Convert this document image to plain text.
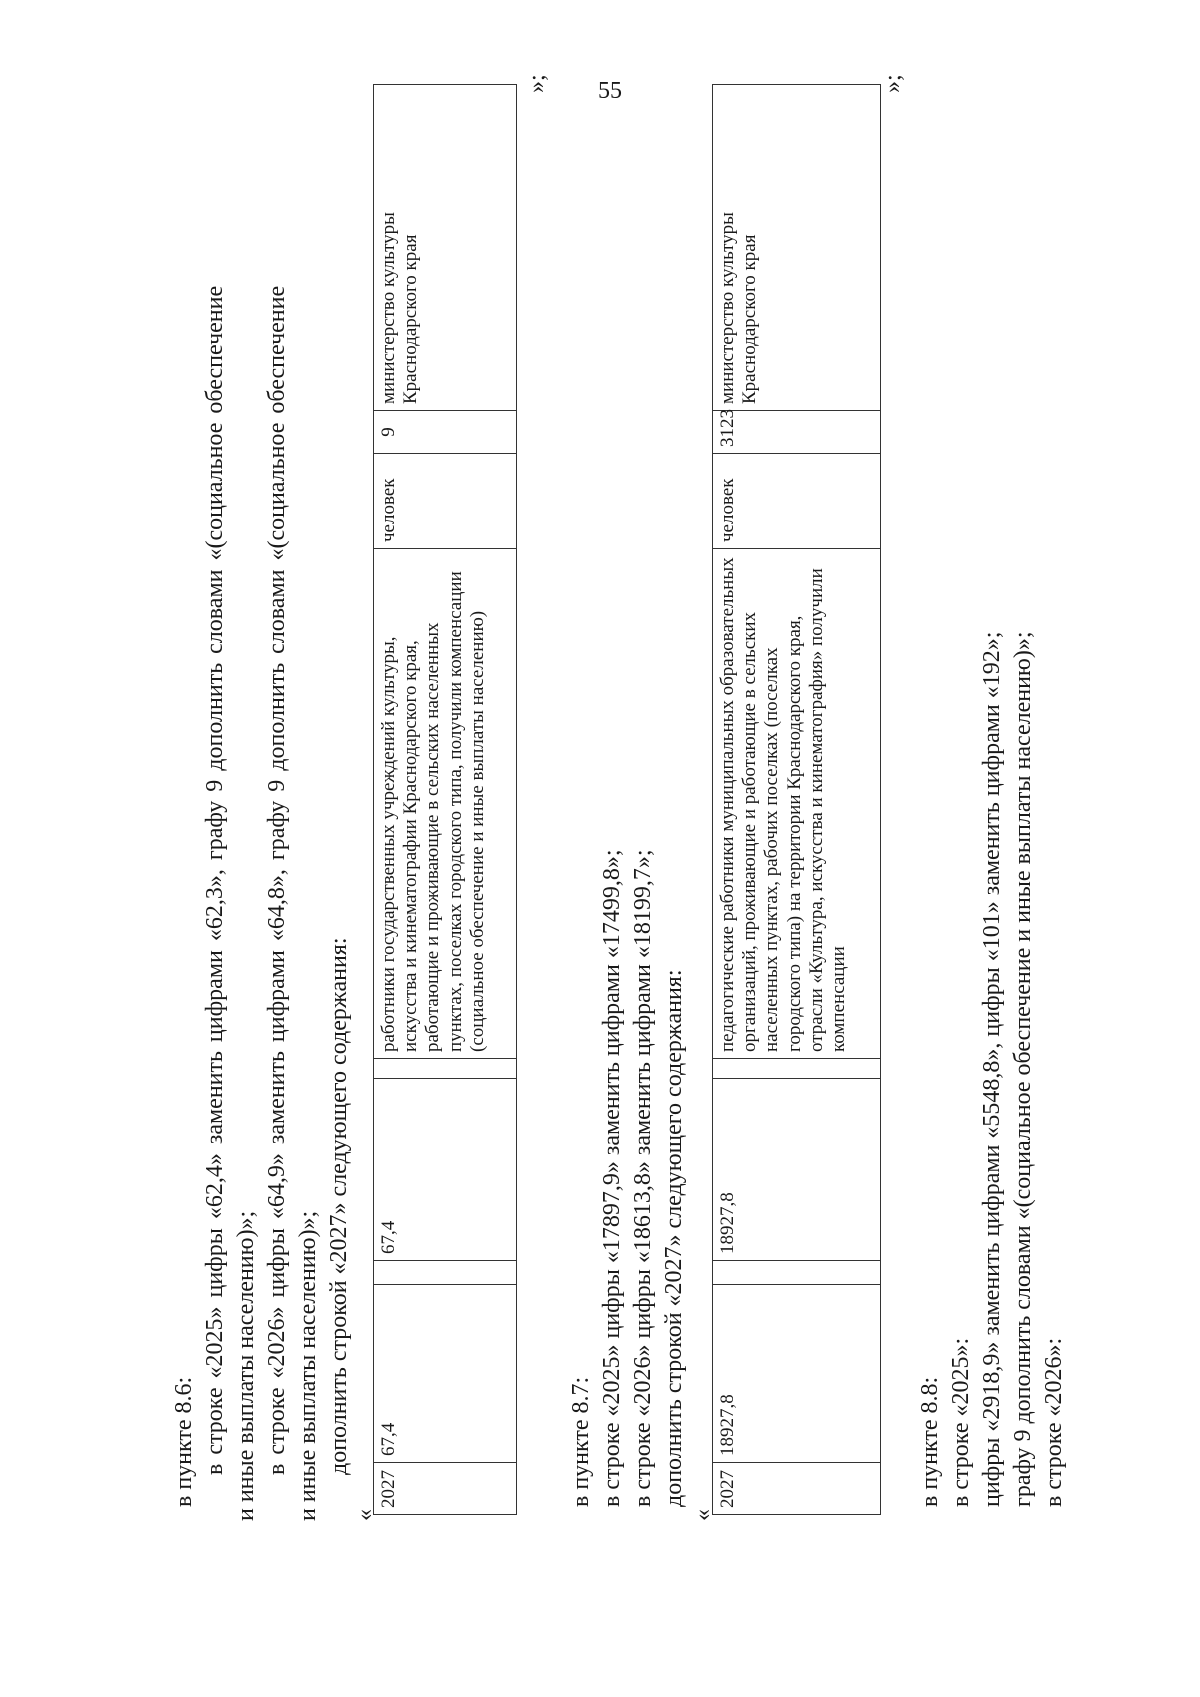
55
в пункте 8.6: в строке «2025» цифры «62,4» заменить цифрами «62,3», графу 9 дополнить словами «(социальное обеспечение и иные выплаты населению)»; в строке «2026» цифры «64,9» заменить цифрами «64,8», графу 9 дополнить словами «(социальное обеспечение и иные выплаты населению)»; дополнить строкой «2027» следующего содержания:
«
2027	67,4		67,4		работники государственных учреждений культуры, искусства и кинематографии Краснодарского края, работающие и проживающие в сельских населенных пунктах, поселках городского типа, получили компенсации (социальное обеспечение и иные выплаты населению)	человек	9	министерство культуры Краснодарского края
»;
в пункте 8.7: в строке «2025» цифры «17897,9» заменить цифрами «17499,8»; в строке «2026» цифры «18613,8» заменить цифрами «18199,7»; дополнить строкой «2027» следующего содержания:
«
2027	18927,8		18927,8		педагогические работники муниципальных образовательных организаций, проживающие и работающие в сельских населенных пунктах, рабочих поселках (поселках городского типа) на территории Краснодарского края, отрасли «Культура, искусства и кинематография» получили компенсации	человек	3123	министерство культуры Краснодарского края
»;
в пункте 8.8: в строке «2025»: цифры «2918,9» заменить цифрами «5548,8», цифры «101» заменить цифрами «192»; графу 9 дополнить словами «(социальное обеспечение и иные выплаты населению)»; в строке «2026»:
